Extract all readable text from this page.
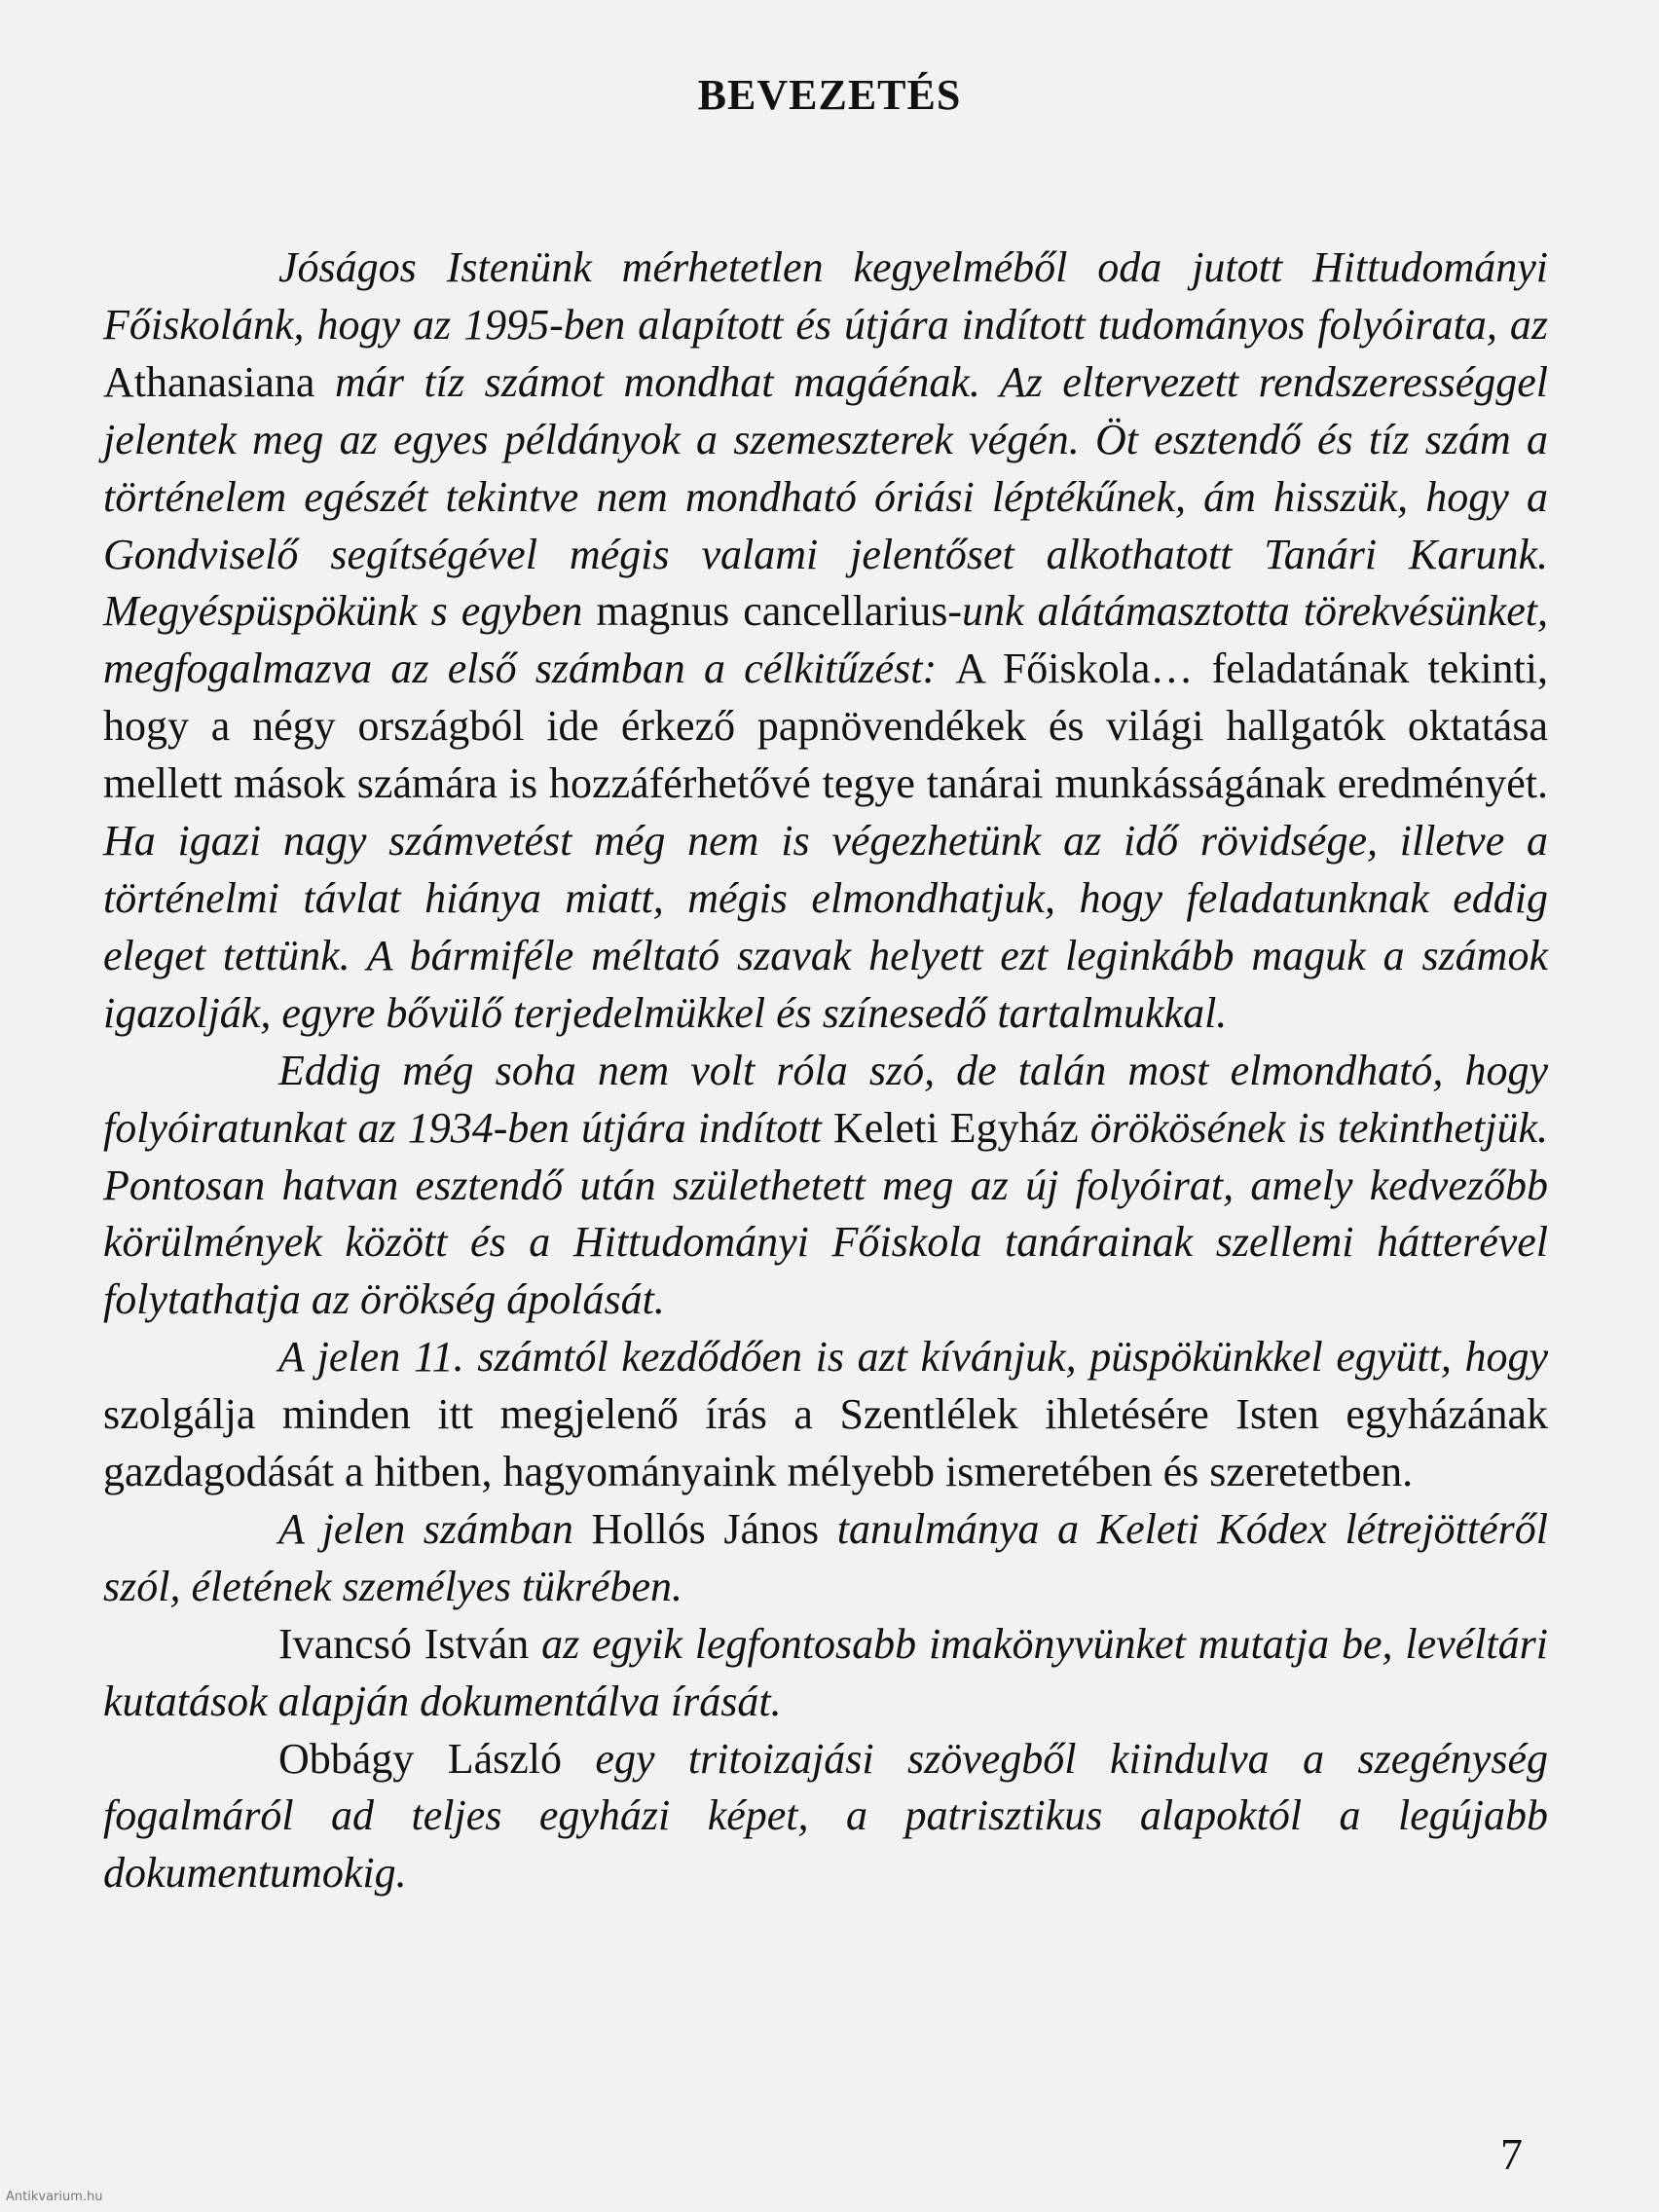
BEVEZETÉS

Jóságos Istenünk mérhetetlen kegyelméből oda jutott Hittudományi Főiskolánk, hogy az 1995-ben alapított és útjára indított tudományos folyóirata, az Athanasiana már tíz számot mondhat magáénak. Az eltervezett rendszerességgel jelentek meg az egyes példányok a szemeszterek végén. Öt esztendő és tíz szám a történelem egészét tekintve nem mondható óriási léptékűnek, ám hisszük, hogy a Gondviselő segítségével mégis valami jelentőset alkothatott Tanári Karunk. Megyéspüspökünk s egyben magnus cancellarius-unk alátámasztotta törekvésünket, megfogalmazva az első számban a célkitűzést: A Főiskola… feladatának tekinti, hogy a négy országból ide érkező papnövendékek és világi hallgatók oktatása mellett mások számára is hozzáférhetővé tegye tanárai munkásságának eredményét. Ha igazi nagy számvetést még nem is végezhetünk az idő rövidsége, illetve a történelmi távlat hiánya miatt, mégis elmondhatjuk, hogy feladatunknak eddig eleget tettünk. A bármiféle méltató szavak helyett ezt leginkább maguk a számok igazolják, egyre bővülő terjedelmükkel és színesedő tartalmukkal.

Eddig még soha nem volt róla szó, de talán most elmondható, hogy folyóiratunkat az 1934-ben útjára indított Keleti Egyház örökösének is tekinthetjük. Pontosan hatvan esztendő után születhetett meg az új folyóirat, amely kedvezőbb körülmények között és a Hittudományi Főiskola tanárainak szellemi hátterével folytathatja az örökség ápolását.

A jelen 11. számtól kezdődően is azt kívánjuk, püspökünkkel együtt, hogy szolgálja minden itt megjelenő írás a Szentlélek ihletésére Isten egyházának gazdagodását a hitben, hagyományaink mélyebb ismeretében és szeretetben.

A jelen számban Hollós János tanulmánya a Keleti Kódex létrejöttéről szól, életének személyes tükrében.

Ivancsó István az egyik legfontosabb imakönyvünket mutatja be, levéltári kutatások alapján dokumentálva írását.

Obbágy László egy tritoizajási szövegből kiindulva a szegénység fogalmáról ad teljes egyházi képet, a patrisztikus alapoktól a legújabb dokumentumokig.

7
Antikvarium.hu
